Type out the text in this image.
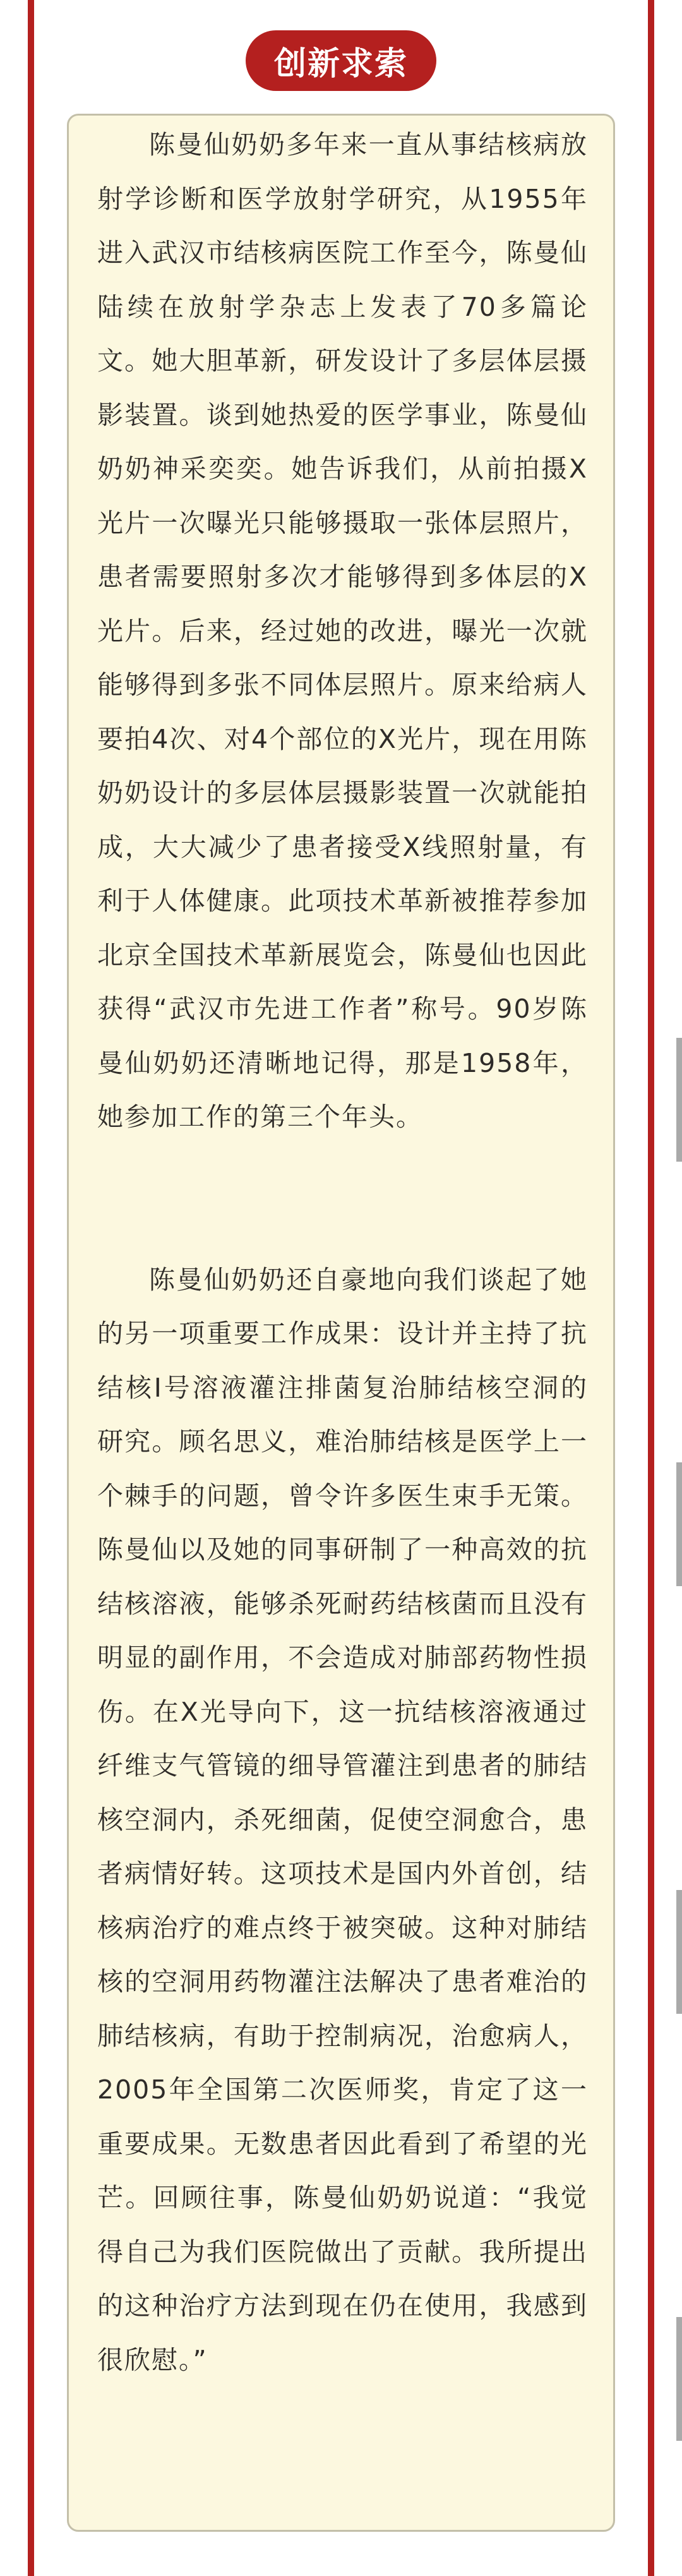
创新求索

陈曼仙奶奶多年来一直从事结核病放射学诊断和医学放射学研究，从1955年进入武汉市结核病医院工作至今，陈曼仙陆续在放射学杂志上发表了70多篇论文。她大胆革新，研发设计了多层体层摄影装置。谈到她热爱的医学事业，陈曼仙奶奶神采奕奕。她告诉我们，从前拍摄X光片一次曝光只能够摄取一张体层照片，患者需要照射多次才能够得到多体层的X光片。后来，经过她的改进，曝光一次就能够得到多张不同体层照片。原来给病人要拍4次、对4个部位的X光片，现在用陈奶奶设计的多层体层摄影装置一次就能拍成，大大减少了患者接受X线照射量，有利于人体健康。此项技术革新被推荐参加北京全国技术革新展览会，陈曼仙也因此获得“武汉市先进工作者”称号。90岁陈曼仙奶奶还清晰地记得，那是1958年，她参加工作的第三个年头。

陈曼仙奶奶还自豪地向我们谈起了她的另一项重要工作成果：设计并主持了抗结核I号溶液灌注排菌复治肺结核空洞的研究。顾名思义，难治肺结核是医学上一个棘手的问题，曾令许多医生束手无策。陈曼仙以及她的同事研制了一种高效的抗结核溶液，能够杀死耐药结核菌而且没有明显的副作用，不会造成对肺部药物性损伤。在X光导向下，这一抗结核溶液通过纤维支气管镜的细导管灌注到患者的肺结核空洞内，杀死细菌，促使空洞愈合，患者病情好转。这项技术是国内外首创，结核病治疗的难点终于被突破。这种对肺结核的空洞用药物灌注法解决了患者难治的肺结核病，有助于控制病况，治愈病人，2005年全国第二次医师奖，肯定了这一重要成果。无数患者因此看到了希望的光芒。回顾往事，陈曼仙奶奶说道：“我觉得自己为我们医院做出了贡献。我所提出的这种治疗方法到现在仍在使用，我感到很欣慰。”
